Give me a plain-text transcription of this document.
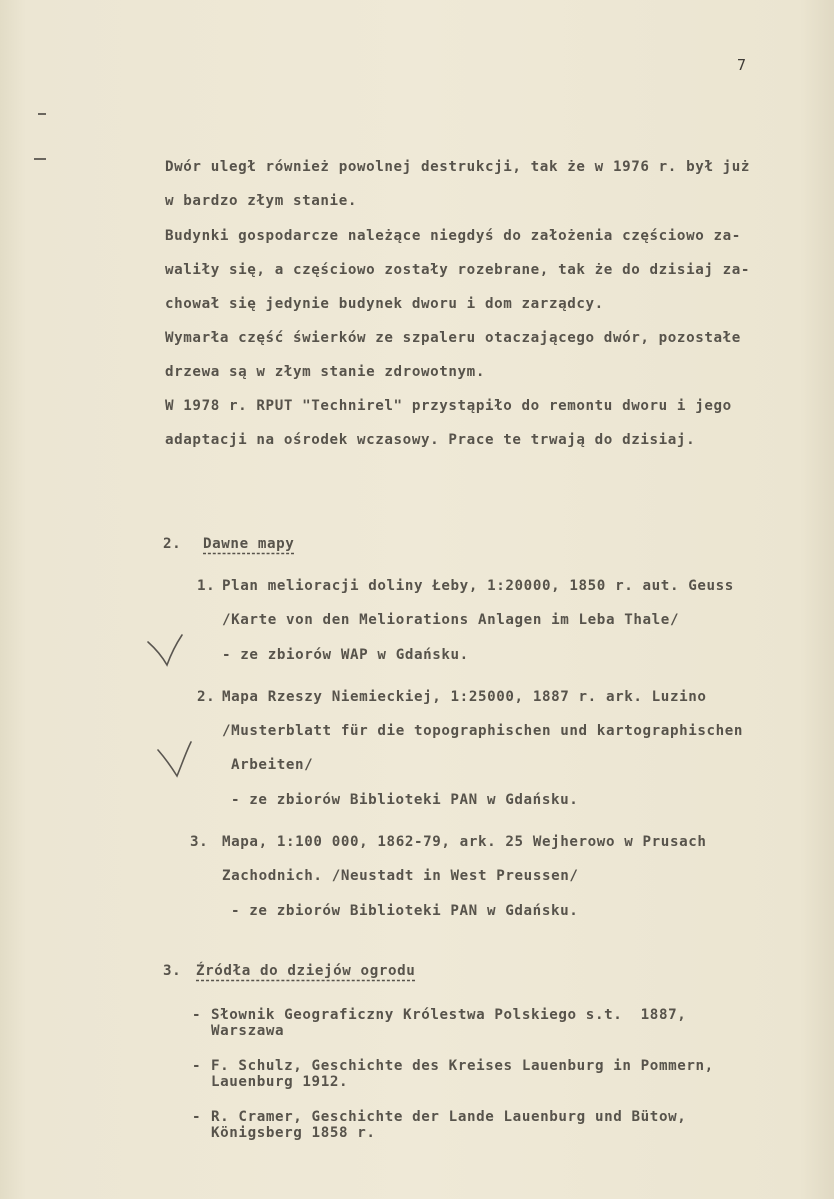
7
Dwór uległ również powolnej destrukcji, tak że w 1976 r. był już
w bardzo złym stanie.
Budynki gospodarcze należące niegdyś do założenia częściowo za-
waliły się, a częściowo zostały rozebrane, tak że do dzisiaj za-
chował się jedynie budynek dworu i dom zarządcy.
Wymarła część świerków ze szpaleru otaczającego dwór, pozostałe
drzewa są w złym stanie zdrowotnym.
W 1978 r. RPUT "Technirel" przystąpiło do remontu dworu i jego
adaptacji na ośrodek wczasowy. Prace te trwają do dzisiaj.
2. Dawne mapy
1. Plan melioracji doliny Łeby, 1:20000, 1850 r. aut. Geuss
/Karte von den Meliorations Anlagen im Leba Thale/
- ze zbiorów WAP w Gdańsku.
2. Mapa Rzeszy Niemieckiej, 1:25000, 1887 r. ark. Luzino
/Musterblatt für die topographischen und kartographischen
Arbeiten/
- ze zbiorów Biblioteki PAN w Gdańsku.
3. Mapa, 1:100 000, 1862-79, ark. 25 Wejherowo w Prusach
Zachodnich. /Neustadt in West Preussen/
- ze zbiorów Biblioteki PAN w Gdańsku.
3. Źródła do dziejów ogrodu
- Słownik Geograficzny Królestwa Polskiego s.t.  1887,
Warszawa
- F. Schulz, Geschichte des Kreises Lauenburg in Pommern,
Lauenburg 1912.
- R. Cramer, Geschichte der Lande Lauenburg und Bütow,
Königsberg 1858 r.
